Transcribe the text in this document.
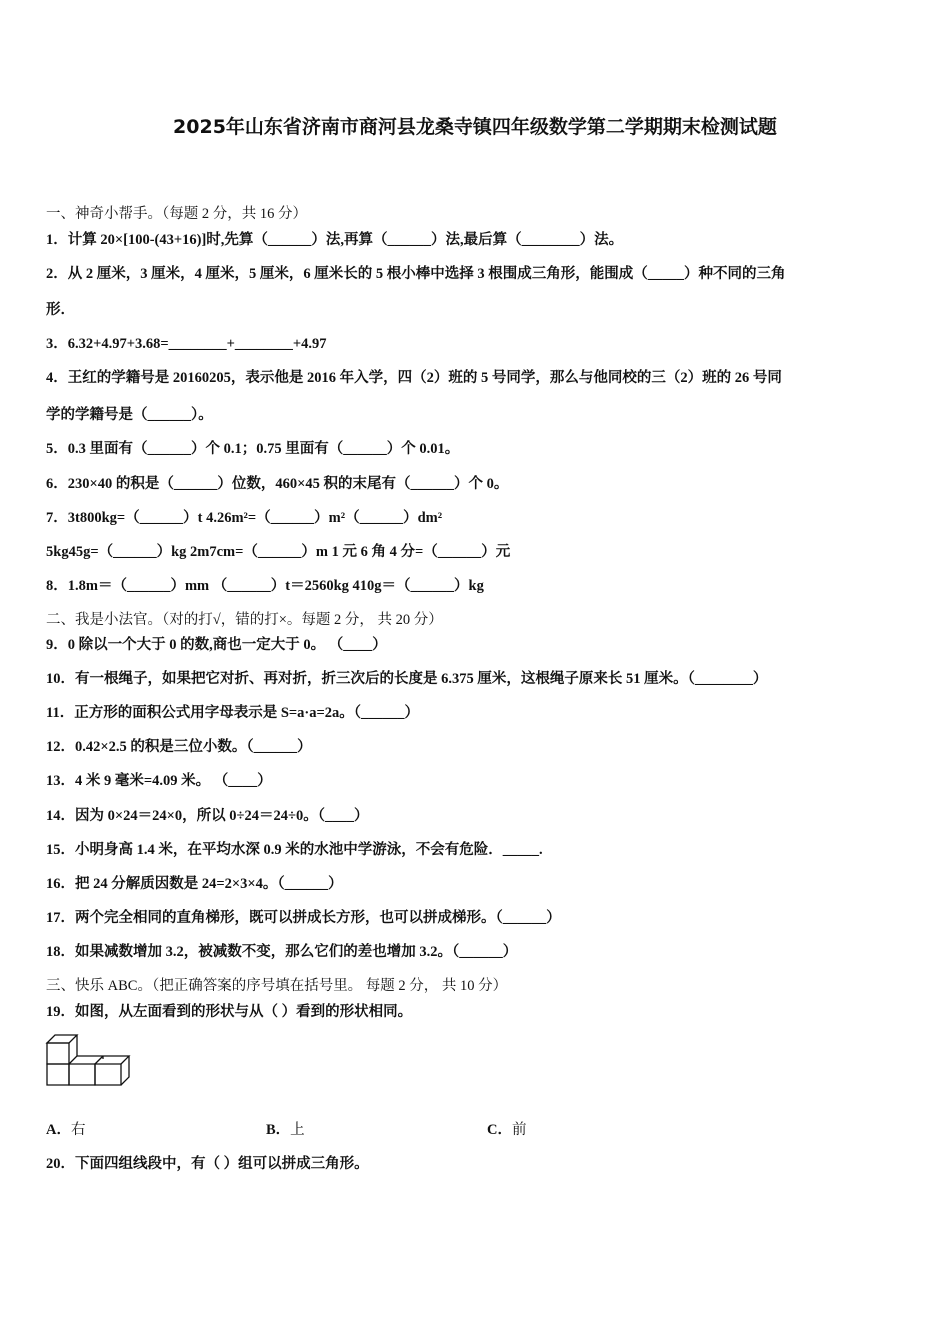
2025年山东省济南市商河县龙桑寺镇四年级数学第二学期期末检测试题
一、神奇小帮手。（每题 2 分，共 16 分）
1．计算 20×[100-(43+16)]时,先算（______）法,再算（______）法,最后算（________）法。
2．从 2 厘米，3 厘米，4 厘米，5 厘米，6 厘米长的 5 根小棒中选择 3 根围成三角形，能围成（_____）种不同的三角
形．
3．6.32+4.97+3.68=________+________+4.97
4．王红的学籍号是 20160205，表示他是 2016 年入学，四（2）班的 5 号同学，那么与他同校的三（2）班的 26 号同
学的学籍号是（______）。
5．0.3 里面有（______）个 0.1；0.75 里面有（______）个 0.01。
6．230×40 的积是（______）位数，460×45 积的末尾有（______）个 0。
7．3t800kg=（______）t 4.26m²=（______）m²（______）dm²
5kg45g=（______）kg 2m7cm=（______）m 1 元 6 角 4 分=（______）元
8．1.8m＝（______）mm （______）t＝2560kg 410g＝（______）kg
二、我是小法官。（对的打√，错的打×。每题 2 分， 共 20 分）
9．0 除以一个大于 0 的数,商也一定大于 0。 （____）
10．有一根绳子，如果把它对折、再对折，折三次后的长度是 6.375 厘米，这根绳子原来长 51 厘米。（________）
11．正方形的面积公式用字母表示是 S=a·a=2a。（______）
12．0.42×2.5 的积是三位小数。（______）
13．4 米 9 毫米=4.09 米。 （____）
14．因为 0×24＝24×0，所以 0÷24＝24÷0。（____）
15．小明身高 1.4 米，在平均水深 0.9 米的水池中学游泳，不会有危险．_____.
16．把 24 分解质因数是 24=2×3×4。（______）
17．两个完全相同的直角梯形，既可以拼成长方形，也可以拼成梯形。（______）
18．如果减数增加 3.2，被减数不变，那么它们的差也增加 3.2。（______）
三、快乐 ABC。（把正确答案的序号填在括号里。 每题 2 分， 共 10 分）
19．如图，从左面看到的形状与从（ ）看到的形状相同。
A．右	B．上	C．前
20．下面四组线段中，有（ ）组可以拼成三角形。
